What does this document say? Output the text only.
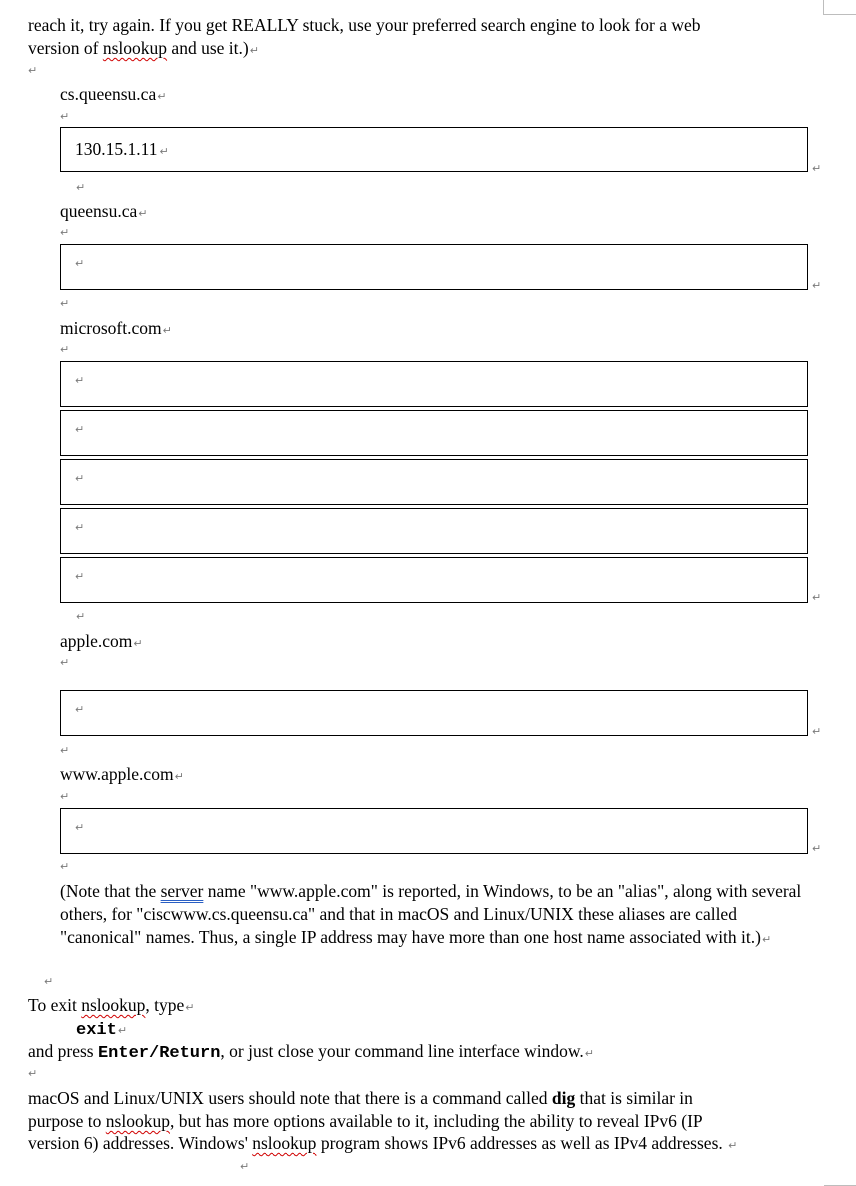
reach it, try again. If you get REALLY stuck, use your preferred search engine to look for a web
version of nslookup and use it.)↵
↵
cs.queensu.ca↵
↵
130.15.1.11 ↵
↵
↵
queensu.ca↵
↵
↵
↵
↵
microsoft.com↵
↵
↵
↵
↵
↵
↵
↵
↵
apple.com↵
↵
↵
↵
↵
www.apple.com↵
↵
↵
↵
↵
(Note that the server name "www.apple.com" is reported, in Windows, to be an "alias", along with several others, for "ciscwww.cs.queensu.ca" and that in macOS and Linux/UNIX these aliases are called "canonical" names. Thus, a single IP address may have more than one host name associated with it.)↵
↵
To exit nslookup, type↵
exit↵
and press Enter/Return, or just close your command line interface window.↵
↵
macOS and Linux/UNIX users should note that there is a command called dig that is similar in
purpose to nslookup, but has more options available to it, including the ability to reveal IPv6 (IP
version 6) addresses. Windows' nslookup program shows IPv6 addresses as well as IPv4 addresses. ↵
↵
